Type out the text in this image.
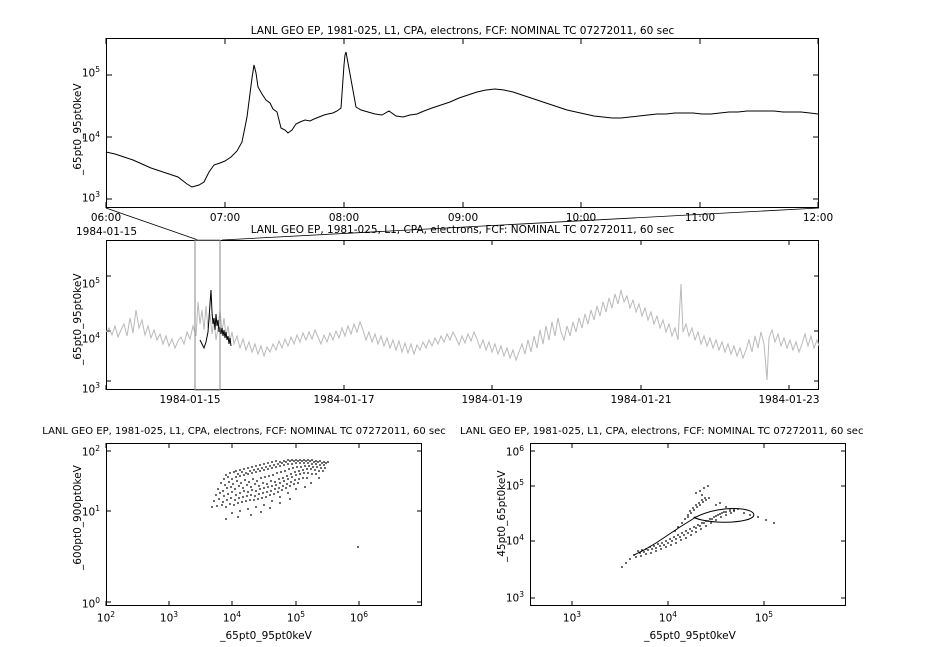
LANL GEO EP, 1981-025, L1, CPA, electrons, FCF: NOMINAL TC 07272011, 60 sec
_65pt0_95pt0keV
$10^5$
$10^4$
$10^3$
06:00	07:00	08:00	09:00	10:00	11:00	12:00
1984-01-15	LANL GEO EP, 1981-025, L1, CPA, electrons, FCF: NOMINAL TC 07272011, 60 sec
_65pt0_95pt0keV
$10^5$
$10^4$
$10^3$
1984-01-15	1984-01-17	1984-01-19	1984-01-21	1984-01-23
LANL GEO EP, 1981-025, L1, CPA, electrons, FCF: NOMINAL TC 07272011, 60 sec
_600pt0_900pt0keV
$10^2$
$10^1$
$10^0$
$10^2$	$10^3$	$10^4$	$10^5$	$10^6$
_65pt0_95pt0keV
LANL GEO EP, 1981-025, L1, CPA, electrons, FCF: NOMINAL TC 07272011, 60 sec
_45pt0_65pt0keV
$10^6$
$10^5$
$10^4$
$10^3$
$10^3$	$10^4$	$10^5$
_65pt0_95pt0keV
